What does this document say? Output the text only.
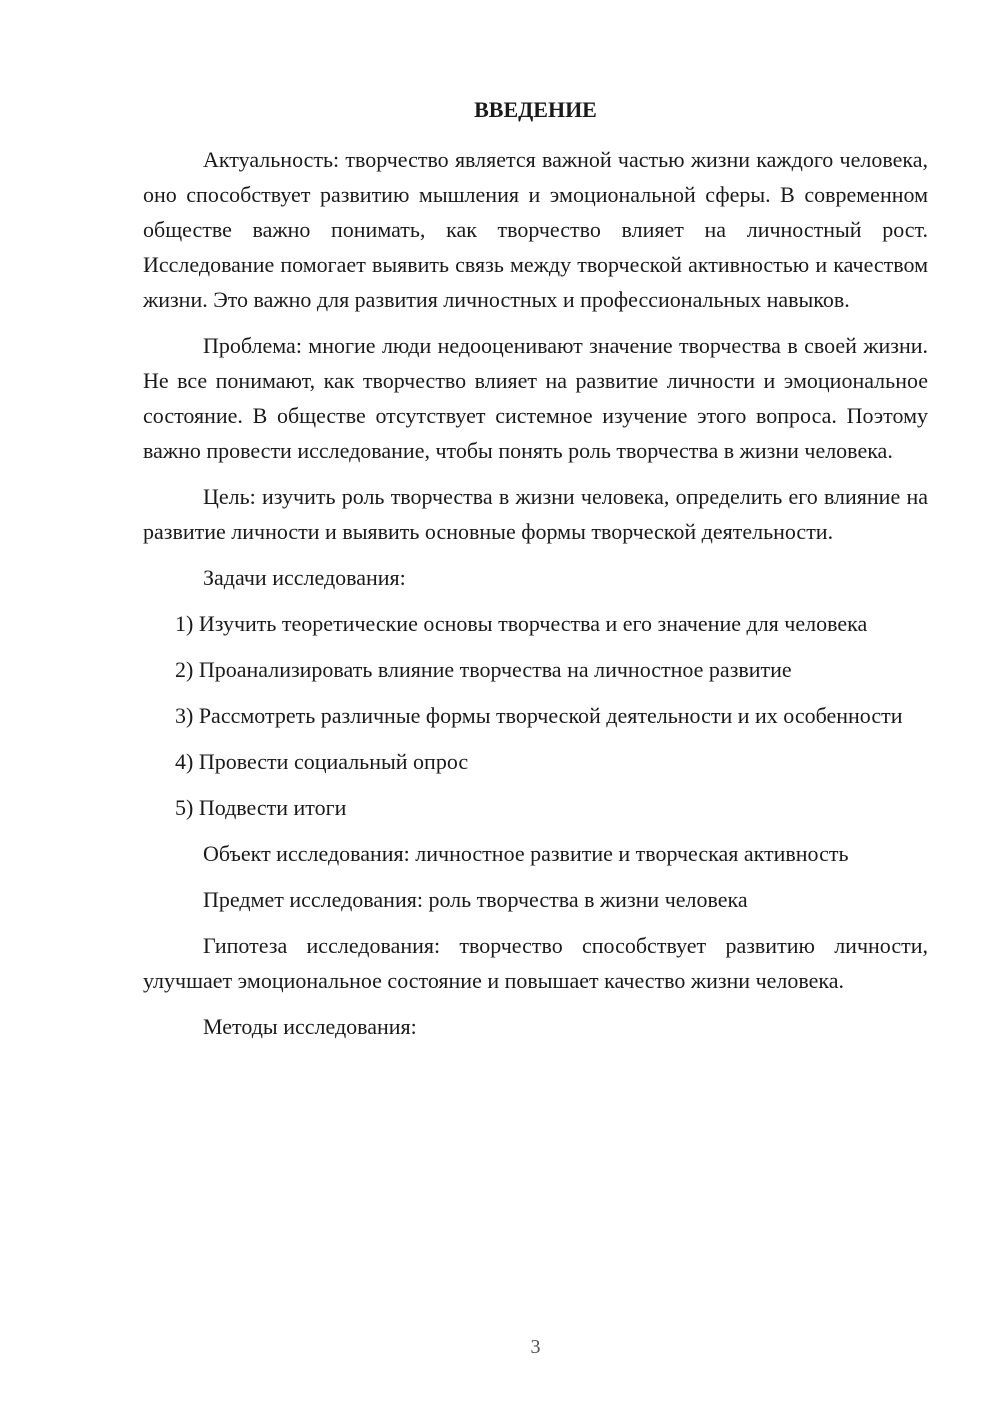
ВВЕДЕНИЕ

Актуальность: творчество является важной частью жизни каждого человека, оно способствует развитию мышления и эмоциональной сферы. В современном обществе важно понимать, как творчество влияет на личностный рост. Исследование помогает выявить связь между творческой активностью и качеством жизни. Это важно для развития личностных и профессиональных навыков.

Проблема: многие люди недооценивают значение творчества в своей жизни. Не все понимают, как творчество влияет на развитие личности и эмоциональное состояние. В обществе отсутствует системное изучение этого вопроса. Поэтому важно провести исследование, чтобы понять роль творчества в жизни человека.

Цель: изучить роль творчества в жизни человека, определить его влияние на развитие личности и выявить основные формы творческой деятельности.

Задачи исследования:

1) Изучить теоретические основы творчества и его значение для человека

2) Проанализировать влияние творчества на личностное развитие

3) Рассмотреть различные формы творческой деятельности и их особенности

4) Провести социальный опрос

5) Подвести итоги

Объект исследования: личностное развитие и творческая активность

Предмет исследования: роль творчества в жизни человека

Гипотеза исследования: творчество способствует развитию личности, улучшает эмоциональное состояние и повышает качество жизни человека.

Методы исследования:

3
